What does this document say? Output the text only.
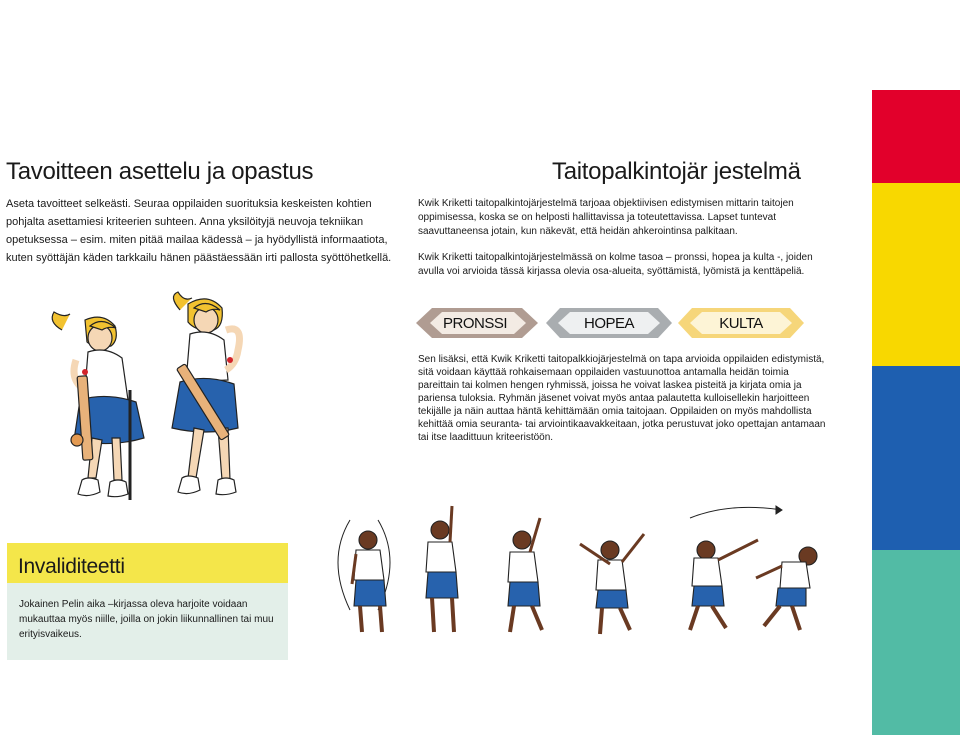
Tavoitteen asettelu ja opastus
Aseta tavoitteet selkeästi. Seuraa oppilaiden suorituksia keskeisten kohtien pohjalta asettamiesi kriteerien suhteen. Anna yksilöityjä neuvoja tekniikan opetuksessa – esim. miten pitää mailaa kädessä – ja hyödyllistä informaatiota, kuten syöttäjän käden tarkkailu hänen päästäessään irti pallosta syöttöhetkellä.
Taitopalkintojär jestelmä
Kwik Kriketti taitopalkintojärjestelmä tarjoaa objektiivisen edistymisen mittarin taitojen oppimisessa, koska se on helposti hallittavissa ja toteutettavissa. Lapset tuntevat saavuttaneensa jotain, kun näkevät, että heidän ahkerointinsa palkitaan.
Kwik Kriketti taitopalkintojärjestelmässä on kolme tasoa – pronssi, hopea ja kulta -, joiden avulla voi arvioida tässä kirjassa olevia osa-alueita, syöttämistä, lyömistä ja kenttäpeliä.
PRONSSI	HOPEA	KULTA
Sen lisäksi, että Kwik Kriketti taitopalkkiojärjestelmä on tapa arvioida oppilaiden edistymistä, sitä voidaan käyttää rohkaisemaan oppilaiden vastuunottoa antamalla heidän toimia pareittain tai kolmen hengen ryhmissä, joissa he voivat laskea pisteitä ja kirjata omia ja pariensa tuloksia. Ryhmän jäsenet voivat myös antaa palautetta kulloisellekin harjoitteen tekijälle ja näin auttaa häntä kehittämään omia taitojaan. Oppilaiden on myös mahdollista kehittää omia seuranta- tai arviointikaavakkeitaan, jotka perustuvat joko opettajan antamaan tai itse laadittuun kriteeristöön.
Invaliditeetti
Jokainen Pelin aika –kirjassa oleva harjoite voidaan mukauttaa myös niille, joilla on jokin liikunnallinen tai muu erityisvaikeus.
